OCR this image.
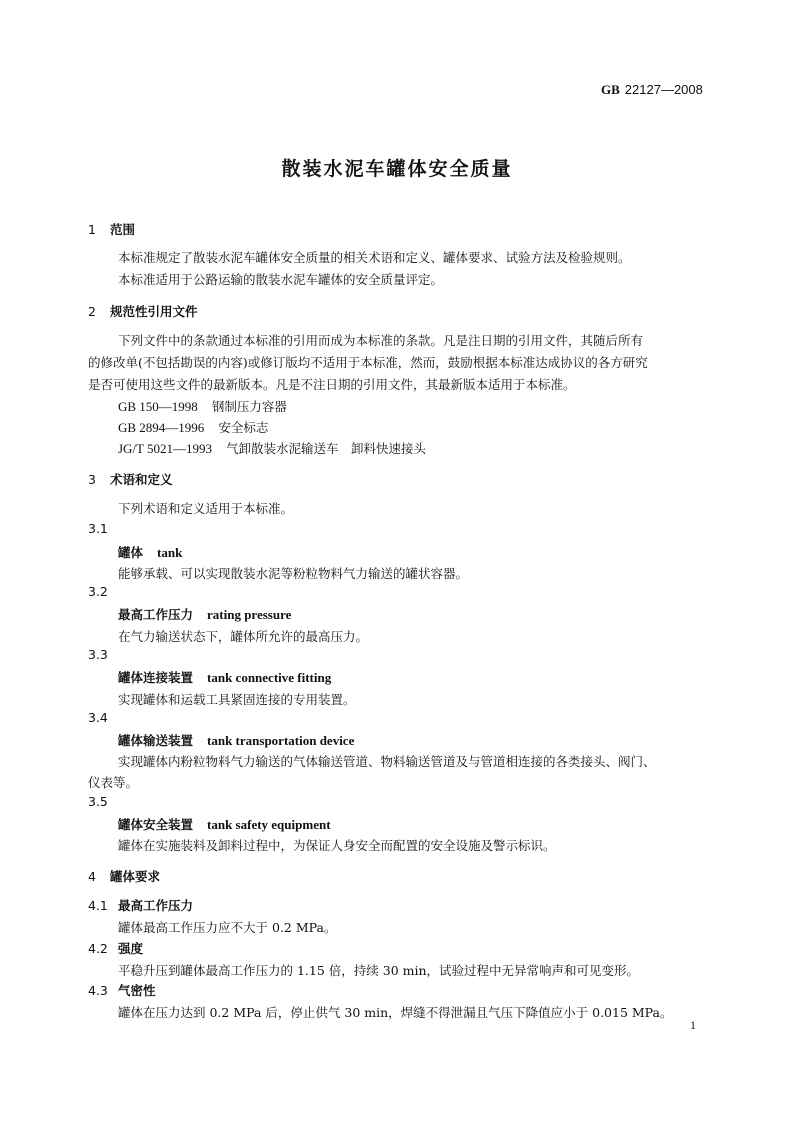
GB 22127—2008
散装水泥车罐体安全质量
1 范围
本标准规定了散装水泥车罐体安全质量的相关术语和定义、罐体要求、试验方法及检验规则。
本标准适用于公路运输的散装水泥车罐体的安全质量评定。
2 规范性引用文件
下列文件中的条款通过本标准的引用而成为本标准的条款。凡是注日期的引用文件，其随后所有
的修改单(不包括勘误的内容)或修订版均不适用于本标准，然而，鼓励根据本标准达成协议的各方研究
是否可使用这些文件的最新版本。凡是不注日期的引用文件，其最新版本适用于本标准。
GB 150—1998 钢制压力容器
GB 2894—1996 安全标志
JG/T 5021—1993 气卸散装水泥输送车　卸料快速接头
3 术语和定义
下列术语和定义适用于本标准。
3.1
罐体 tank
能够承载、可以实现散装水泥等粉粒物料气力输送的罐状容器。
3.2
最高工作压力 rating pressure
在气力输送状态下，罐体所允许的最高压力。
3.3
罐体连接装置 tank connective fitting
实现罐体和运载工具紧固连接的专用装置。
3.4
罐体输送装置 tank transportation device
实现罐体内粉粒物料气力输送的气体输送管道、物料输送管道及与管道相连接的各类接头、阀门、
仪表等。
3.5
罐体安全装置 tank safety equipment
罐体在实施装料及卸料过程中，为保证人身安全而配置的安全设施及警示标识。
4 罐体要求
4.1 最高工作压力
罐体最高工作压力应不大于 0.2 MPa。
4.2 强度
平稳升压到罐体最高工作压力的 1.15 倍，持续 30 min，试验过程中无异常响声和可见变形。
4.3 气密性
罐体在压力达到 0.2 MPa 后，停止供气 30 min，焊缝不得泄漏且气压下降值应小于 0.015 MPa。
1
